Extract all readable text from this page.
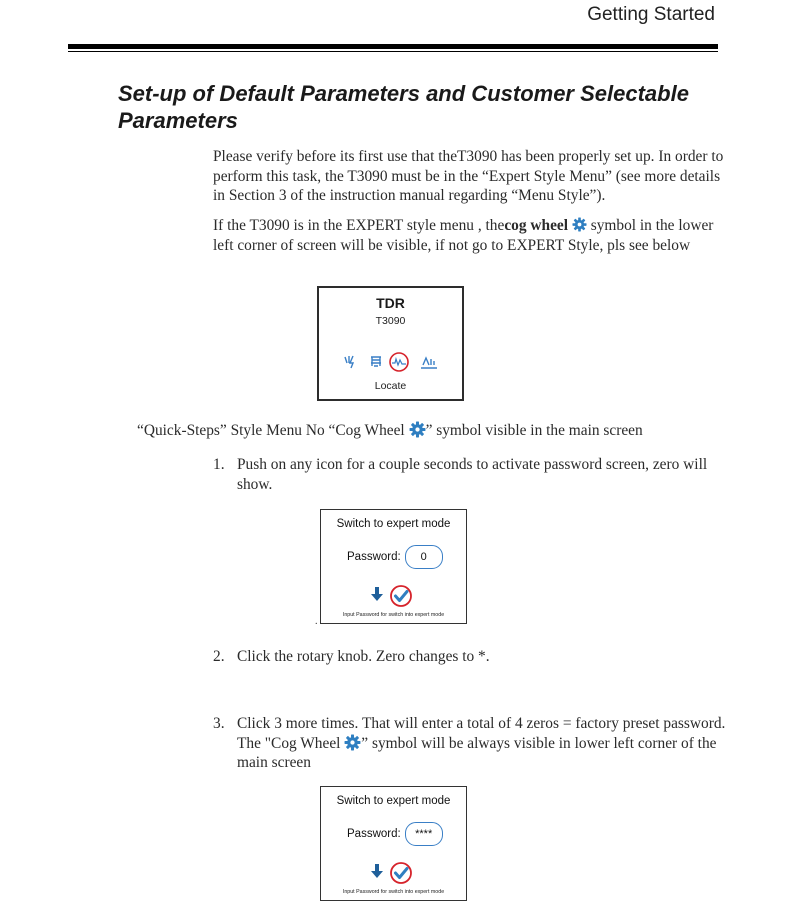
Getting Started
Set-up of Default Parameters and Customer Selectable Parameters
Please verify before its first use that theT3090 has been properly set up. In order to perform this task, the T3090 must be in the “Expert Style Menu” (see more details in Section 3 of the instruction manual regarding “Menu Style”).
If the T3090 is in the EXPERT style menu , thecog wheel  symbol in the lower left corner of screen will be visible, if not go to EXPERT Style, pls see below
TDR
T3090
Locate
“Quick-Steps” Style Menu No “Cog Wheel ” symbol visible in the main screen
1. Push on any icon for a couple seconds to activate password screen, zero will show.
.
Switch to expert mode
Password:	0
Input Password for switch into expert mode
2. Click the rotary knob. Zero changes to *.
3. Click 3 more times. That will enter a total of 4 zeros = factory preset password. The "Cog Wheel ” symbol will be always visible in lower left corner of the main screen
Switch to expert mode
Password:	****
Input Password for switch into expert mode
